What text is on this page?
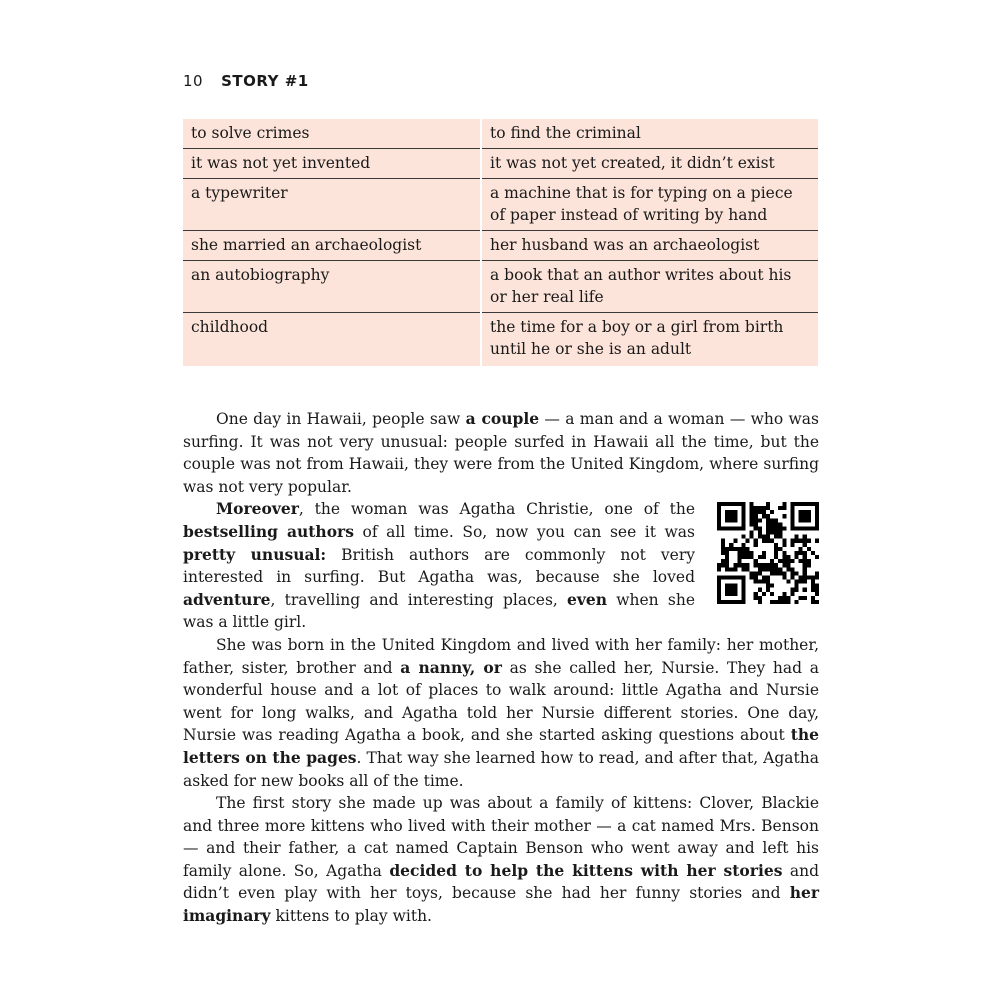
10 STORY #1
to solve crimes	to find the criminal
it was not yet invented	it was not yet created, it didn’t exist
a typewriter	a machine that is for typing on a piece of paper instead of writing by hand
she married an archaeologist	her husband was an archaeologist
an autobiography	a book that an author writes about his or her real life
childhood	the time for a boy or a girl from birth until he or she is an adult

One day in Hawaii, people saw a couple — a man and a woman — who was surfing. It was not very unusual: people surfed in Hawaii all the time, but the couple was not from Hawaii, they were from the United Kingdom, where surfing was not very popular.

Moreover, the woman was Agatha Christie, one of the bestselling authors of all time. So, now you can see it was pretty unusual: British authors are commonly not very interested in surfing. But Agatha was, because she loved adventure, travelling and interesting places, even when she was a little girl.

She was born in the United Kingdom and lived with her family: her mother, father, sister, brother and a nanny, or as she called her, Nursie. They had a wonderful house and a lot of places to walk around: little Agatha and Nursie went for long walks, and Agatha told her Nursie different stories. One day, Nursie was reading Agatha a book, and she started asking questions about the letters on the pages. That way she learned how to read, and after that, Agatha asked for new books all of the time.

The first story she made up was about a family of kittens: Clover, Blackie and three more kittens who lived with their mother — a cat named Mrs. Benson — and their father, a cat named Captain Benson who went away and left his family alone. So, Agatha decided to help the kittens with her stories and didn’t even play with her toys, because she had her funny stories and her imaginary kittens to play with.
